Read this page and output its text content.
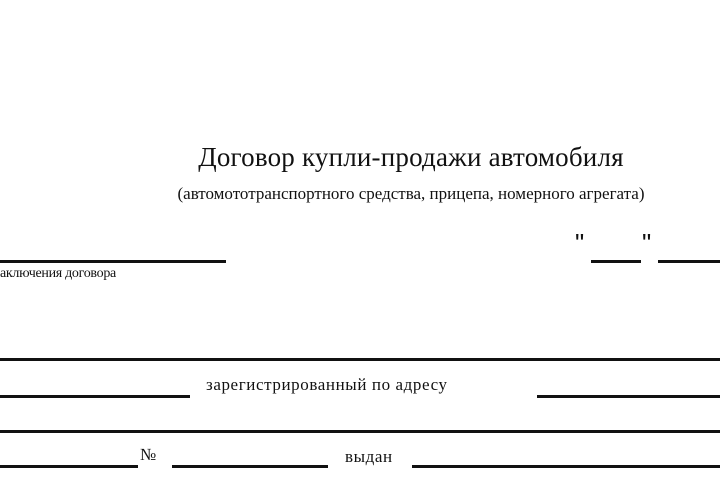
Договор купли-продажи автомобиля
(автомототранспортного средства, прицепа, номерного агрегата)
аключения договора
" "
зарегистрированный по адресу
№	выдан
